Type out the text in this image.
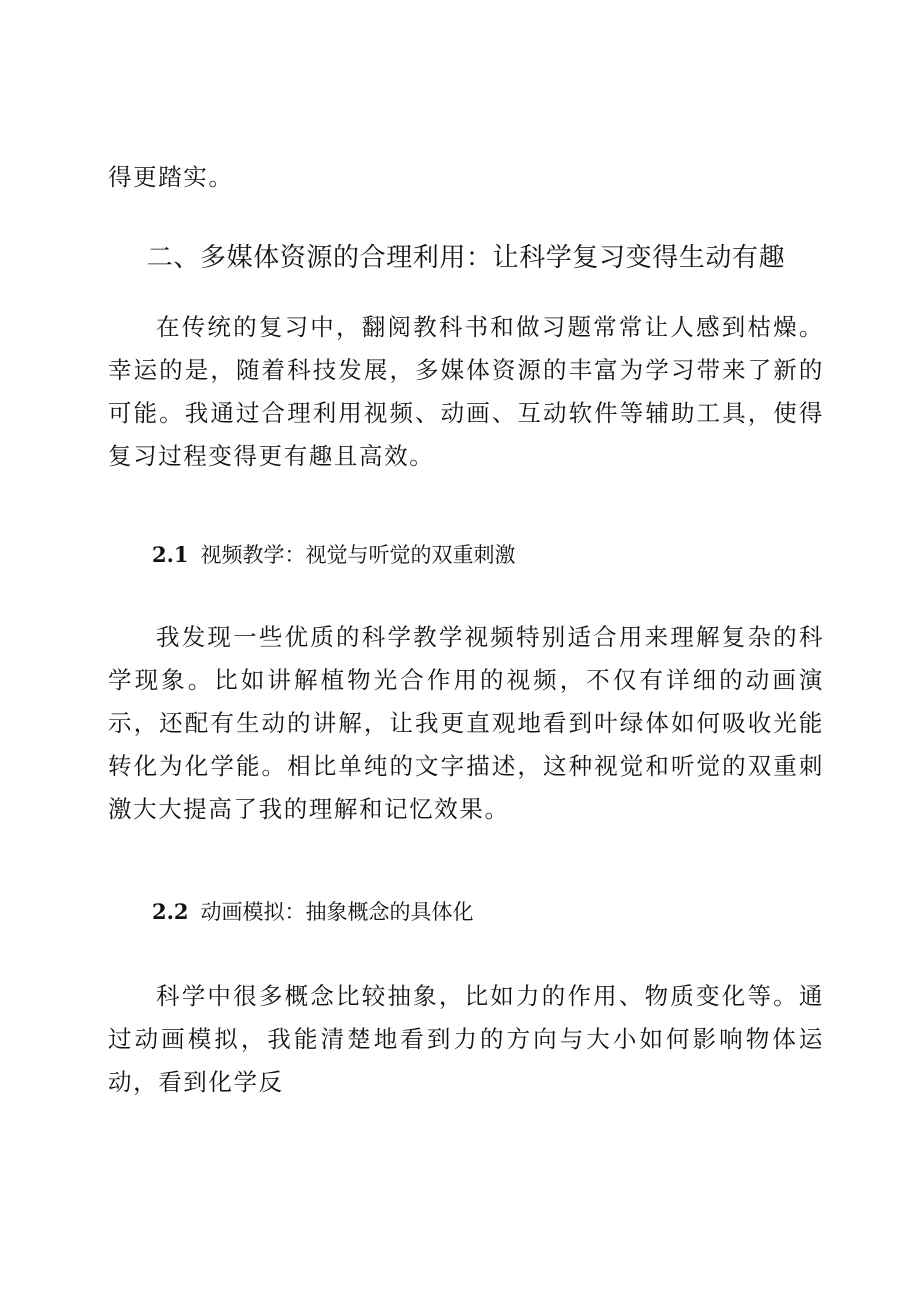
得更踏实。

二、多媒体资源的合理利用：让科学复习变得生动有趣

在传统的复习中，翻阅教科书和做习题常常让人感到枯燥。幸运的是，随着科技发展，多媒体资源的丰富为学习带来了新的可能。我通过合理利用视频、动画、互动软件等辅助工具，使得复习过程变得更有趣且高效。

2.1 视频教学：视觉与听觉的双重刺激

我发现一些优质的科学教学视频特别适合用来理解复杂的科学现象。比如讲解植物光合作用的视频，不仅有详细的动画演示，还配有生动的讲解，让我更直观地看到叶绿体如何吸收光能转化为化学能。相比单纯的文字描述，这种视觉和听觉的双重刺激大大提高了我的理解和记忆效果。

2.2 动画模拟：抽象概念的具体化

科学中很多概念比较抽象，比如力的作用、物质变化等。通过动画模拟，我能清楚地看到力的方向与大小如何影响物体运动，看到化学反
